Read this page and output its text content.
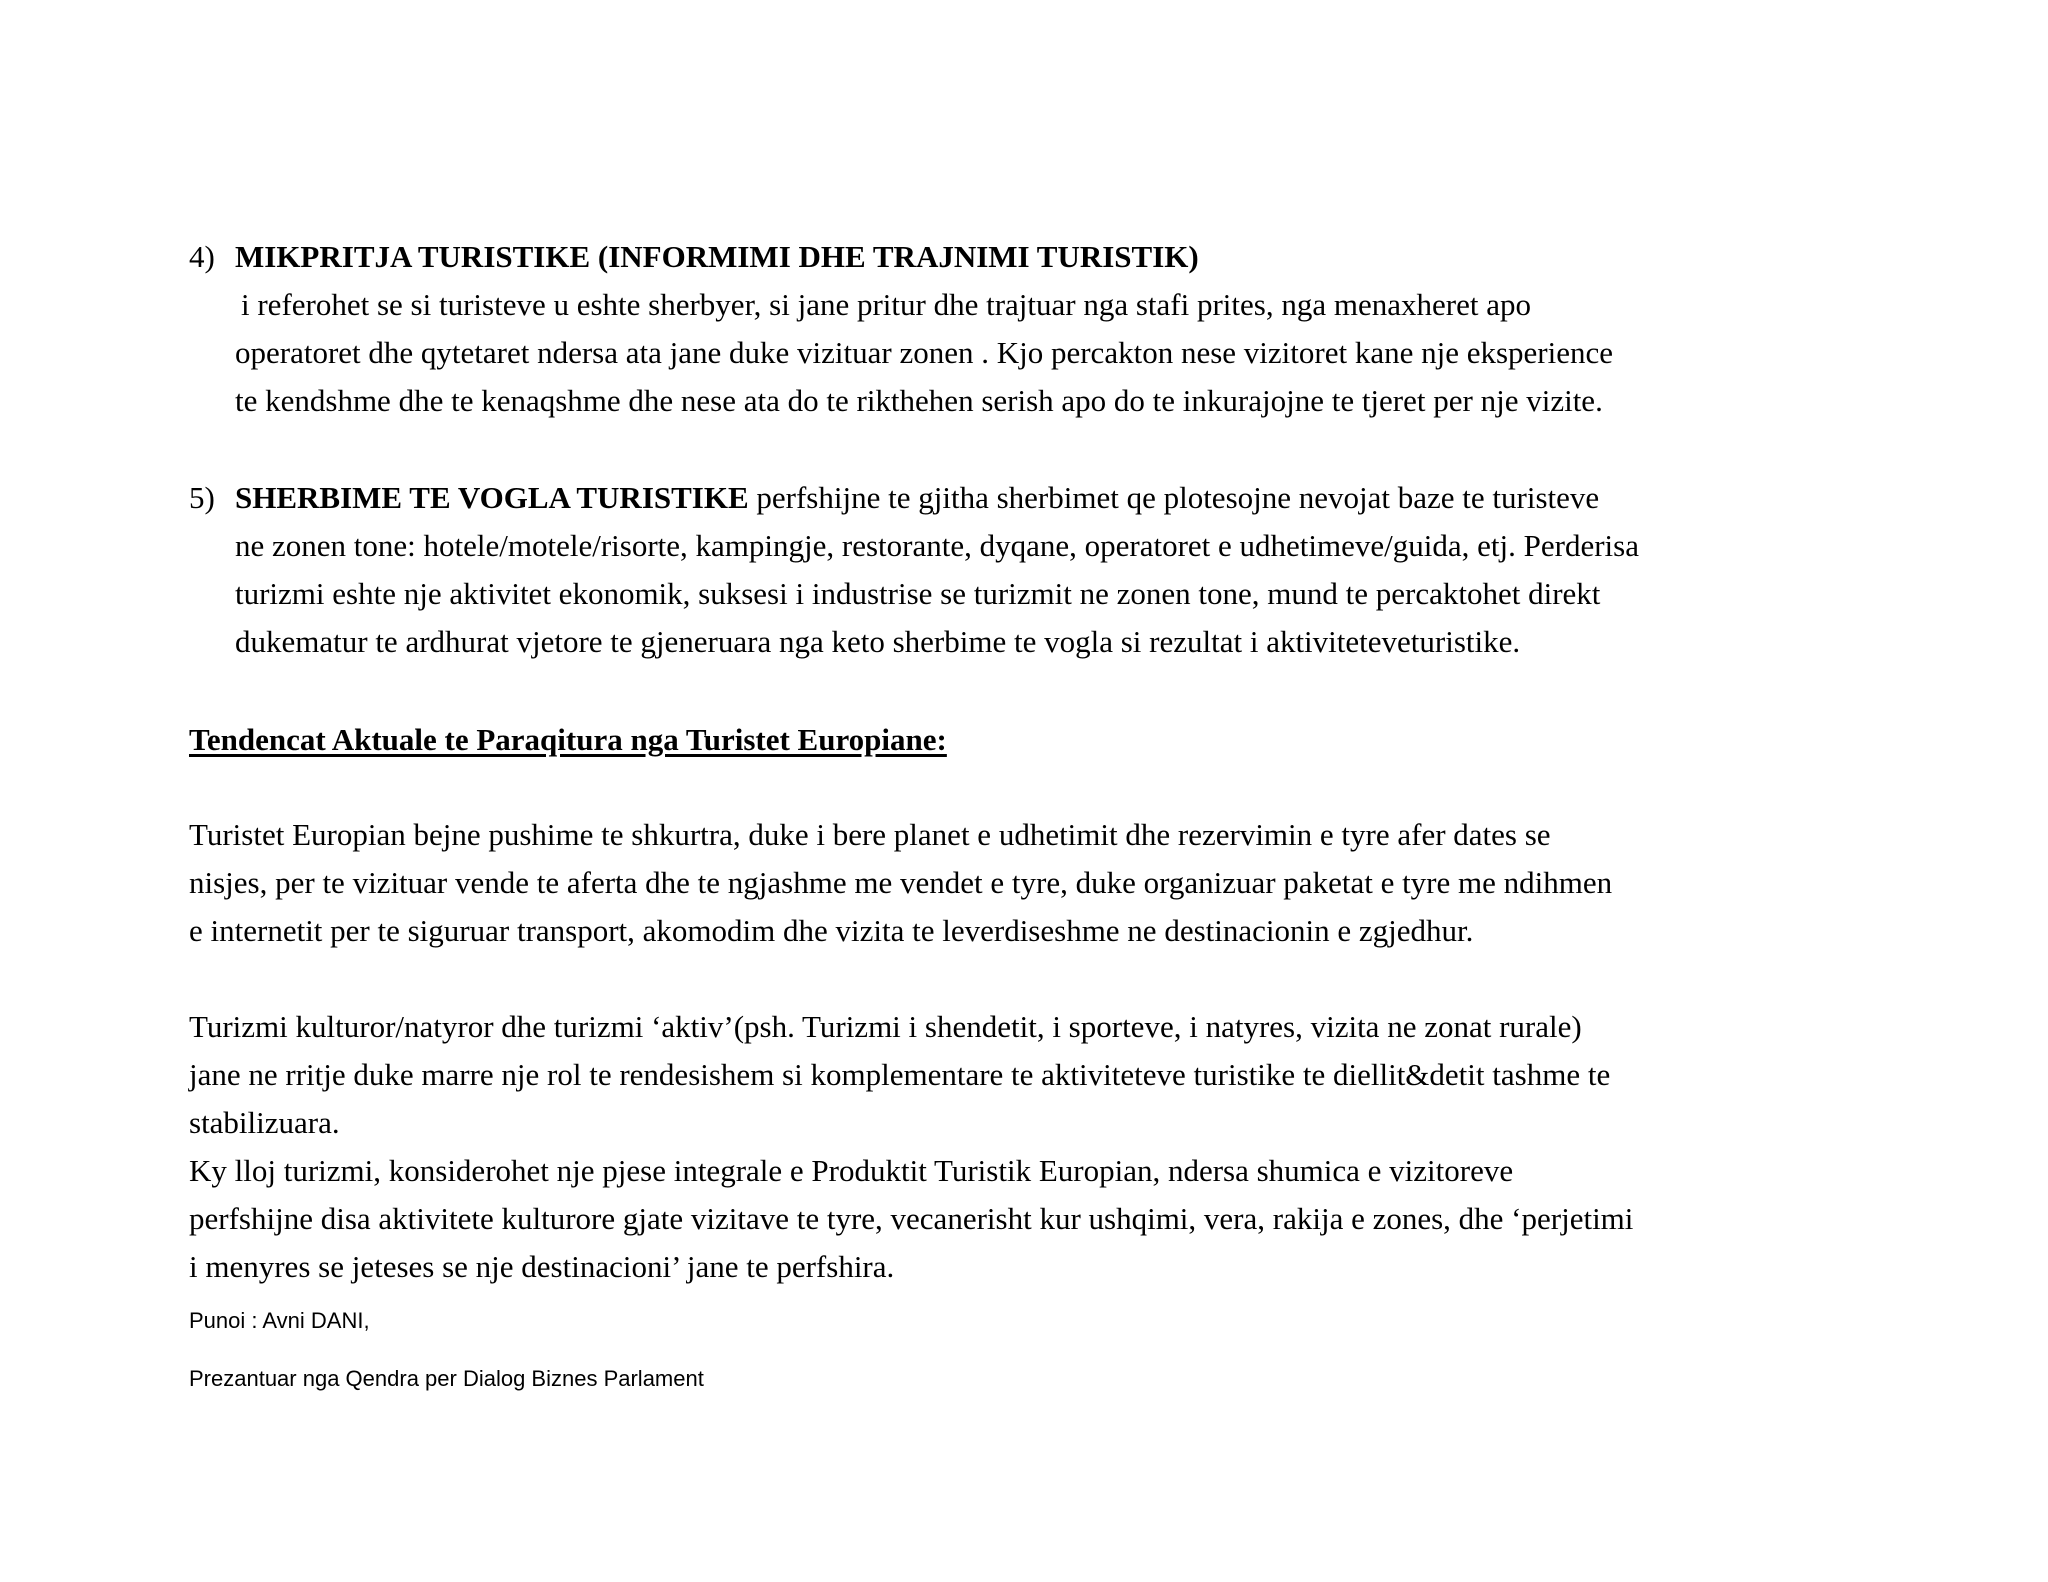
4) MIKPRITJA TURISTIKE (INFORMIMI DHE TRAJNIMI TURISTIK)
i referohet se si turisteve u eshte sherbyer, si jane pritur dhe trajtuar nga stafi prites, nga menaxheret apo
operatoret dhe qytetaret ndersa ata jane duke vizituar zonen . Kjo percakton nese vizitoret kane nje eksperience
te kendshme dhe te kenaqshme dhe nese ata do te rikthehen serish apo do te inkurajojne te tjeret per nje vizite.
5) SHERBIME TE VOGLA TURISTIKE perfshijne te gjitha sherbimet qe plotesojne nevojat baze te turisteve
ne zonen tone: hotele/motele/risorte, kampingje, restorante, dyqane, operatoret e udhetimeve/guida, etj. Perderisa
turizmi eshte nje aktivitet ekonomik, suksesi i industrise se turizmit ne zonen tone, mund te percaktohet direkt
dukematur te ardhurat vjetore te gjeneruara nga keto sherbime te vogla si rezultat i aktiviteteveturistike.
Tendencat Aktuale te Paraqitura nga Turistet Europiane:
Turistet Europian bejne pushime te shkurtra, duke i bere planet e udhetimit dhe rezervimin e tyre afer dates se
nisjes, per te vizituar vende te aferta dhe te ngjashme me vendet e tyre, duke organizuar paketat e tyre me ndihmen
e internetit per te siguruar transport, akomodim dhe vizita te leverdiseshme ne destinacionin e zgjedhur.
Turizmi kulturor/natyror dhe turizmi ‘aktiv’(psh. Turizmi i shendetit, i sporteve, i natyres, vizita ne zonat rurale)
jane ne rritje duke marre nje rol te rendesishem si komplementare te aktiviteteve turistike te diellit&detit tashme te
stabilizuara.
Ky lloj turizmi, konsiderohet nje pjese integrale e Produktit Turistik Europian, ndersa shumica e vizitoreve
perfshijne disa aktivitete kulturore gjate vizitave te tyre, vecanerisht kur ushqimi, vera, rakija e zones, dhe ‘perjetimi
i menyres se jeteses se nje destinacioni’ jane te perfshira.
Punoi : Avni DANI,
Prezantuar nga Qendra per Dialog Biznes Parlament
